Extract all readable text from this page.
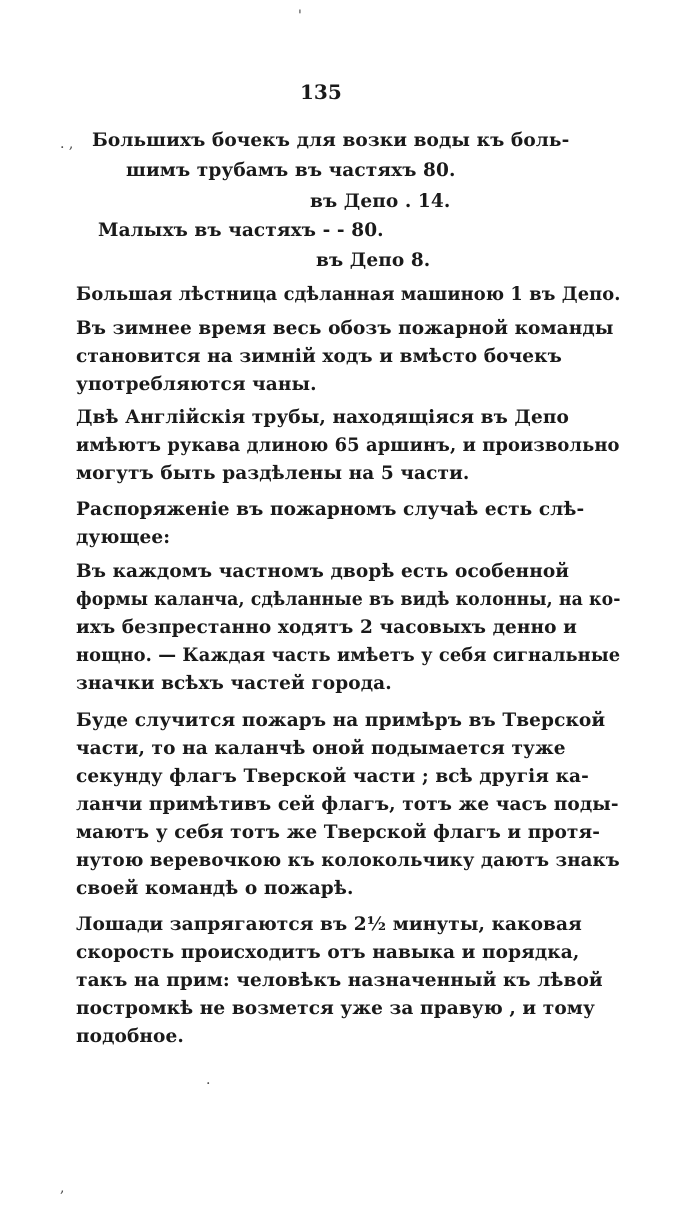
'
135
. , Большихъ бочекъ для возки воды къ боль-
шимъ трубамъ въ частяхъ 80.
въ Депо . 14.
Малыхъ въ частяхъ - - 80.
въ Депо 8.
Большая лѣстница сдѣланная машиною 1 въ Депо.
Въ зимнее время весь обозъ пожарной команды
становится на зимній ходъ и вмѣсто бочекъ
употребляются чаны.
Двѣ Англійскія трубы, находящіяся въ Депо
имѣютъ рукава длиною 65 аршинъ, и произвольно
могутъ быть раздѣлены на 5 части.
Распоряженіе въ пожарномъ случаѣ есть слѣ-
дующее:
Въ каждомъ частномъ дворѣ есть особенной
формы каланча, сдѣланные въ видѣ колонны, на ко-
ихъ безпрестанно ходятъ 2 часовыхъ денно и
нощно. — Каждая часть имѣетъ у себя сигнальные
значки всѣхъ частей города.
Буде случится пожаръ на примѣръ въ Тверской
части, то на каланчѣ оной подымается тужe
секунду флагъ Тверской части ; всѣ другія ка-
ланчи примѣтивъ сей флагъ, тотъ же часъ поды-
маютъ у себя тотъ же Тверской флагъ и протя-
нутою веревочкою къ колокольчику даютъ знакъ
своей командѣ о пожарѣ.
Лошади запрягаются въ 2½ минуты, каковая
скорость происходитъ отъ навыка и порядка,
такъ на прим: человѣкъ назначенный къ лѣвой
постромкѣ не возмется уже за правую , и тому
подобное.
.
,
